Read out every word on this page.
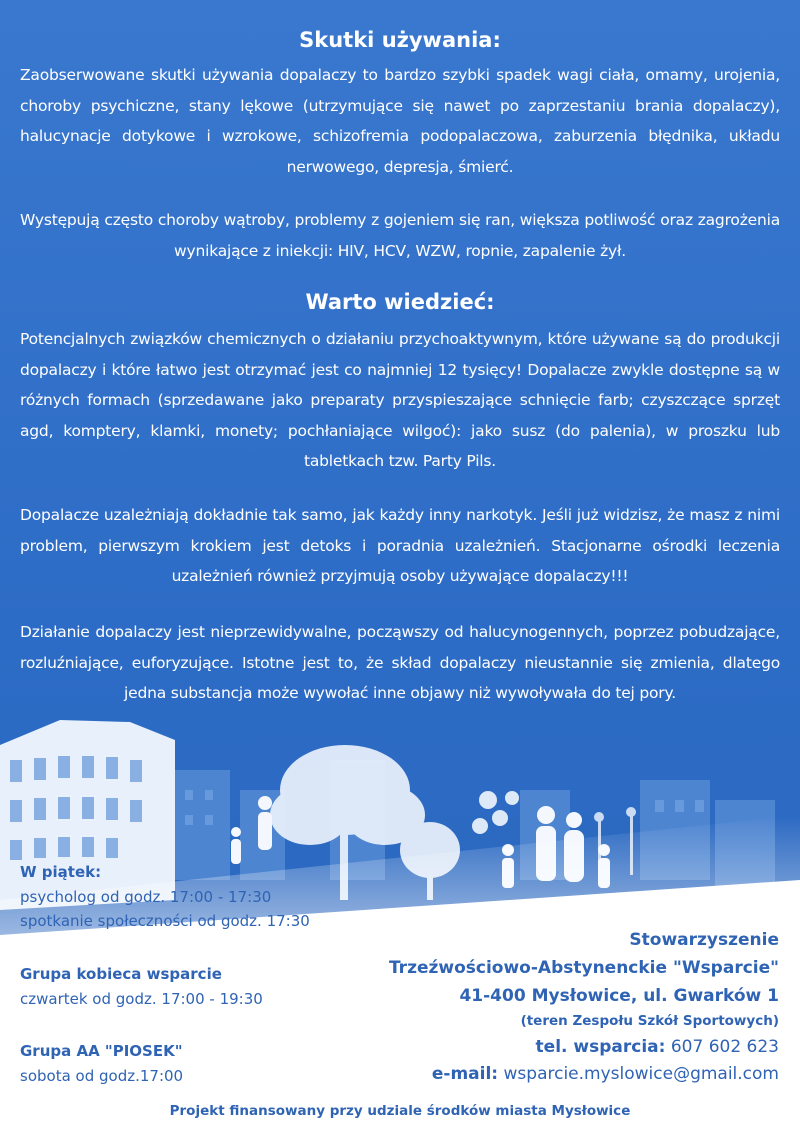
Skutki używania:
Zaobserwowane skutki używania dopalaczy to bardzo szybki spadek wagi ciała, omamy, urojenia, choroby psychiczne, stany lękowe (utrzymujące się nawet po zaprzestaniu brania dopalaczy), halucynacje dotykowe i wzrokowe, schizofremia podopalaczowa, zaburzenia błędnika, układu nerwowego, depresja, śmierć.
Występują często choroby wątroby, problemy z gojeniem się ran, większa potliwość oraz zagrożenia wynikające z iniekcji: HIV, HCV, WZW, ropnie, zapalenie żył.
Warto wiedzieć:
Potencjalnych związków chemicznych o działaniu przychoaktywnym, które używane są do produkcji dopalaczy i które łatwo jest otrzymać jest co najmniej 12 tysięcy! Dopalacze zwykle dostępne są w różnych formach (sprzedawane jako preparaty przyspieszające schnięcie farb; czyszczące sprzęt agd, komptery, klamki, monety; pochłaniające wilgoć): jako susz (do palenia), w proszku lub tabletkach tzw. Party Pils.
Dopalacze uzależniają dokładnie tak samo, jak każdy inny narkotyk. Jeśli już widzisz, że masz z nimi problem, pierwszym krokiem jest detoks i poradnia uzależnień. Stacjonarne ośrodki leczenia uzależnień również przyjmują osoby używające dopalaczy!!!
Działanie dopalaczy jest nieprzewidywalne, począwszy od halucynogennych, poprzez pobudzające, rozluźniające, euforyzujące. Istotne jest to, że skład dopalaczy nieustannie się zmienia, dlatego jedna substancja może wywołać inne objawy niż wywoływała do tej pory.
W piątek:
psycholog od godz. 17:00 - 17:30
spotkanie społeczności od godz. 17:30
Grupa kobieca wsparcie
czwartek od godz. 17:00 - 19:30
Grupa AA "PIOSEK"
sobota od godz.17:00
Stowarzyszenie
Trzeźwościowo-Abstynenckie "Wsparcie"
41-400 Mysłowice, ul. Gwarków 1
(teren Zespołu Szkół Sportowych)
tel. wsparcia: 607 602 623
e-mail: wsparcie.myslowice@gmail.com
Projekt finansowany przy udziale środków miasta Mysłowice
